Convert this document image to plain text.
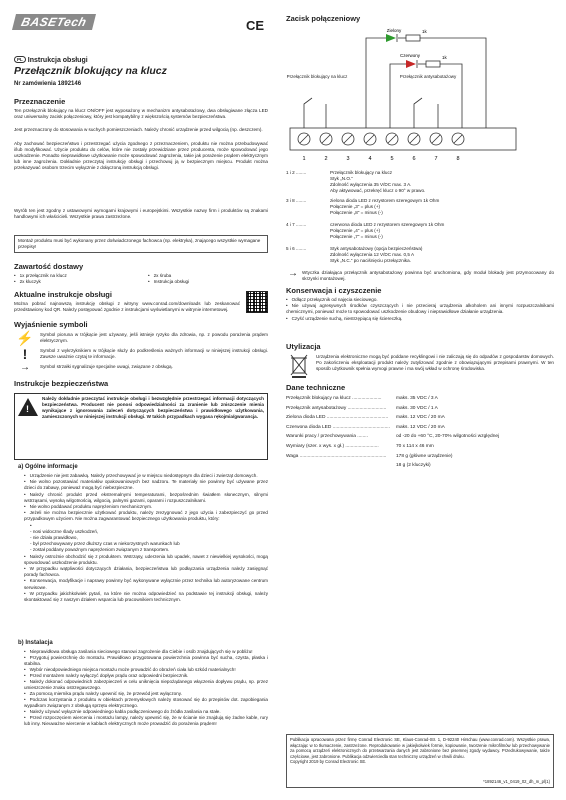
BASETech	CE
PL Instrukcja obsługi
Przełącznik blokujący na klucz
Nr zamówienia 1892146
Przeznaczenie

Ten przełącznik blokujący na klucz ON/OFF jest wyposażony w mechanizm antysabotażowy, dwa obsługiwane złącza LED oraz uniwersalny zacisk połączeniowy, który jest kompatybilny z większością systemów bezpieczeństwa.

Jest przeznaczony do stosowania w suchych pomieszczeniach. Należy chronić urządzenie przed wilgocią (np. deszczem).

Aby zachować bezpieczeństwo i przestrzegać użycia zgodnego z przeznaczeniem, produktu nie można przebudowywać i/lub modyfikować. Użycie produktu do celów, które nie zostały przewidziane przez producenta, może spowodować jego uszkodzenie. Ponadto nieprawidłowe użytkowanie może spowodować zagrożenia, takie jak porażenie prądem elektrycznym lub inne zagrożenia. Dokładnie przeczytaj instrukcję obsługi i przechowuj ją w bezpiecznym miejscu. Produkt można przekazywać osobom trzecim wyłącznie z dołączoną instrukcją obsługi.

Wyrób ten jest zgodny z ustawowymi wymogami krajowymi i europejskimi. Wszystkie nazwy firm i produktów są znakami handlowymi ich właścicieli. Wszystkie prawa zastrzeżone.

Montaż produktu musi być wykonany przez doświadczonego fachowca (np. elektryka), znającego wszystkie wymagane przepisy!
Zawartość dostawy
• 1x przełącznik na klucz
• 2x kluczyk
• 2x śruba
• Instrukcja obsługi
Aktualne instrukcje obsługi

Można pobrać najnowszą instrukcję obsługi z witryny www.conrad.com/downloads lub zeskanować przedstawiony kod QR. Należy postępować zgodnie z instrukcjami wyświetlanymi w witrynie internetowej.

Wyjaśnienie symboli
⚡	Symbol pioruna w trójkącie jest używany, jeśli istnieje ryzyko dla zdrowia, np. z powodu porażenia prądem elektrycznym.
!	Symbol z wykrzyknikiem w trójkącie służy do podkreślenia ważnych informacji w niniejszej instrukcji obsługi. Zawsze uważnie czytaj te informacje.
→	Symbol strzałki sygnalizuje specjalne uwagi, związane z obsługą.
Instrukcje bezpieczeństwa
!
Należy dokładnie przeczytać instrukcje obsługi i bezwzględnie przestrzegać informacji dotyczących bezpieczeństwa. Producent nie ponosi odpowiedzialności za zranienie lub zniszczenie mienia wynikające z ignorowania zaleceń dotyczących bezpieczeństwa i prawidłowego użytkowania, zamieszczonych w niniejszej instrukcji obsługi. W takich przypadkach wygasa rękojmia/gwarancja.
a) Ogólne informacje
• Urządzenie nie jest zabawką. Należy przechowywać je w miejscu niedostępnym dla dzieci i zwierząt domowych.
• Nie wolno pozostawiać materiałów opakowaniowych bez nadzoru. Te materiały nie powinny być używane przez dzieci do zabawy, ponieważ mogą być niebezpieczne.
• Należy chronić produkt przed ekstremalnymi temperaturami, bezpośrednim światłem słonecznym, silnymi wstrząsami, wysoką wilgotnością, wilgocią, palnymi gazami, oparami i rozpuszczalnikami.
• Nie wolno poddawać produktu naprężeniom mechanicznym.
• Jeżeli nie można bezpiecznie użytkować produktu, należy zrezygnować z jego użycia i zabezpieczyć go przed przypadkowym użyciem. Nie można zagwarantować bezpiecznego użytkowania produktu, który:
• - nosi widoczne ślady uszkodzeń,
- nie działa prawidłowo,
- był przechowywany przez dłuższy czas w niekorzystnych warunkach lub
- został poddany poważnym naprężeniom związanym z transportem.
• Należy ostrożnie obchodzić się z produktem. Wstrząsy, uderzenia lub upadek, nawet z niewielkiej wysokości, mogą spowodować uszkodzenie produktu.
• W przypadku wątpliwości dotyczących działania, bezpieczeństwa lub podłączania urządzenia należy zasięgnąć porady fachowca.
• Konserwacja, modyfikacje i naprawy powinny być wykonywane wyłącznie przez technika lub autoryzowane centrum serwisowe.
• W przypadku jakichkolwiek pytań, na które nie można odpowiedzieć na podstawie tej instrukcji obsługi, należy skontaktować się z naszym działem wsparcia lub pracownikiem technicznym.
b) Instalacja
• Nieprawidłowa obsługa zasilania sieciowego stanowi zagrożenie dla Ciebie i osób znajdujących się w pobliżu!
• Przygotuj powierzchnię do montażu. Prawidłowo przygotowana powierzchnia powinna być sucha, czysta, płaska i stabilna.
• Wybór nieodpowiedniego miejsca montażu może prowadzić do obrażeń ciała lub szkód materialnych!
• Przed montażem należy wyłączyć dopływ prądu oraz odpowiedni bezpiecznik.
• Należy dokonać odpowiednich zabezpieczeń w celu uniknięcia niepożądanego włączenia dopływu prądu, np. przez umieszczenie znaku ostrzegawczego.
• Za pomocą miernika prądu należy upewnić się, że przewód jest wyłączony.
• Podczas korzystania z produktu w obiektach przemysłowych należy stosować się do przepisów dot. zapobiegania wypadkom związanym z obsługą sprzętu elektrycznego.
• Należy używać wyłącznie odpowiedniego kabla podłączeniowego do źródła zasilania na stałe.
• Przed rozpoczęciem wiercenia i montażu lampy, należy upewnić się, że w ścianie nie znajdują się żadne kable, rury lub inny. Nieuważne wiercenie w kablach elektrycznych może prowadzić do porażenia prądem!
Zacisk połączeniowy
Zielony	1k
Czerwony	1k
Przełącznik blokujący na klucz	Przełącznik antysabotażowy
1	2	3	4	5	6	7	8
1 i 2 ........	Przełącznik blokujący na klucz
Styk „N.O.”
Zdolność wyłączenia 35 V/DC max. 3 A.
Aby aktywować, przekręć klucz o 90° w prawo.
3 i 8 ........	zielona dioda LED z rezystorem szeregowym 1k Ohm
Połączenie „3” = plus (+)
Połączenie „8” = minus (-)
4 i 7 ........	czerwona dioda LED z rezystorem szeregowym 1k Ohm
Połączenie „4” = plus (+)
Połączenie „7” = minus (-)
5 i 6 ........	Styk antysabotażowy (opcja bezpieczeństwa)
Zdolność wyłączenia 12 V/DC max. 0,5 A
Styk „N.C.” po naciśnięciu przełącznika.
→ Wtyczka działająca przełącznik antysabotażowy powinna być uruchomiona, gdy moduł blokady jest przymocowany do skrzynki montażowej.
Konserwacja i czyszczenie
• Odłącz przełącznik od najęcia sieciowego.
• Nie używaj agresywnych środków czyszczących i nie przecieraj urządzenia alkoholem ani innymi rozpuszczalnikami chemicznymi, ponieważ może to spowodować uszkodzenie obudowy i nieprawidłowe działanie urządzenia.
• Czyść urządzenie suchą, niestrzępiącą się ściereczką.
Utylizacja
Urządzenia elektroniczne mogą być poddane recyklingowi i nie zaliczają się do odpadów z gospodarstw domowych. Po zakończeniu eksploatacji produkt należy zutylizować zgodnie z obowiązującymi przepisami prawnymi. W ten sposób użytkownik spełnia wymogi prawne i ma swój wkład w ochronę środowiska.
Dane techniczne
Przełącznik blokujący na klucz ......................	maks. 35 VDC / 3 A
Przełącznik antysabotażowy .............................	maks. 30 VDC / 1 A
Zielona dioda LED ..............................................	maks. 12 VDC / 20 mA
Czerwona dioda LED ...........................................	maks. 12 VDC / 20 mA
Warunki pracy / przechowywania ........	od -20 do +60 °C, 20-70% wilgotności względnej
Wymiary (szer. x wys. x gł.) .........................	70 x 114 x 46 mm
Waga .................................................................	178 g (główne urządzenie)
18 g (2 kluczyki)
Publikacja opracowana przez firmę Conrad Electronic SE, Klaus-Conrad-Str. 1, D-92240 Hirschau (www.conrad.com). Wszystkie prawa, włączając w to tłumaczenie, zastrzeżone. Reprodukowanie w jakiejkolwiek formie, kopiowanie, tworzenie mikrofilmów lub przechowywanie za pomocą urządzeń elektronicznych do przetwarzania danych jest zabronione bez pisemnej zgody wydawcy. Przedrukowywanie, także częściowe, jest zabronione. Publikacja odzwierciedla stan techniczny urządzeń w chwili druku.
Copyright 2019 by Conrad Electronic SE.
*1892146_v1_0419_02_dh_m_pl(1)
